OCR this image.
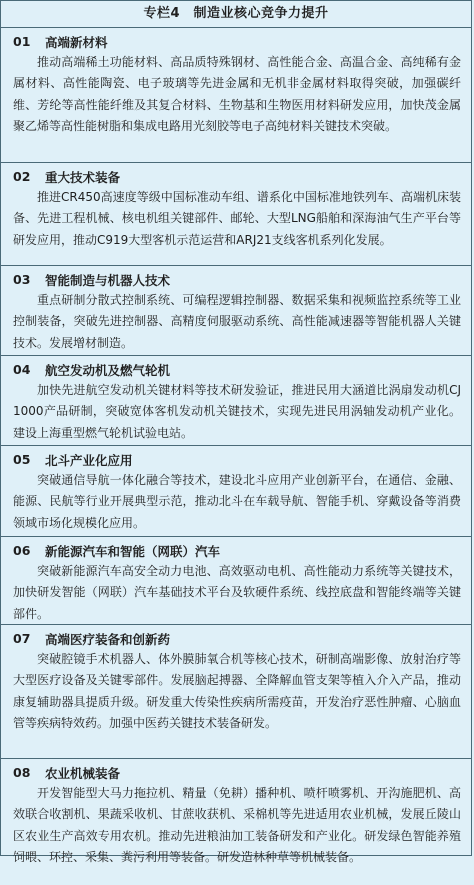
专栏4　制造业核心竞争力提升
01	高端新材料

推动高端稀土功能材料、高品质特殊钢材、高性能合金、高温合金、高纯稀有金属材料、高性能陶瓷、电子玻璃等先进金属和无机非金属材料取得突破，加强碳纤维、芳纶等高性能纤维及其复合材料、生物基和生物医用材料研发应用，加快茂金属聚乙烯等高性能树脂和集成电路用光刻胶等电子高纯材料关键技术突破。

02	重大技术装备

推进CR450高速度等级中国标准动车组、谱系化中国标准地铁列车、高端机床装备、先进工程机械、核电机组关键部件、邮轮、大型LNG船舶和深海油气生产平台等研发应用，推动C919大型客机示范运营和ARJ21支线客机系列化发展。

03	智能制造与机器人技术

重点研制分散式控制系统、可编程逻辑控制器、数据采集和视频监控系统等工业控制装备，突破先进控制器、高精度伺服驱动系统、高性能减速器等智能机器人关键技术。发展增材制造。

04	航空发动机及燃气轮机

加快先进航空发动机关键材料等技术研发验证，推进民用大涵道比涡扇发动机CJ1000产品研制，突破宽体客机发动机关键技术，实现先进民用涡轴发动机产业化。建设上海重型燃气轮机试验电站。

05	北斗产业化应用

突破通信导航一体化融合等技术，建设北斗应用产业创新平台，在通信、金融、能源、民航等行业开展典型示范，推动北斗在车载导航、智能手机、穿戴设备等消费领域市场化规模化应用。

06	新能源汽车和智能（网联）汽车

突破新能源汽车高安全动力电池、高效驱动电机、高性能动力系统等关键技术，加快研发智能（网联）汽车基础技术平台及软硬件系统、线控底盘和智能终端等关键部件。

07	高端医疗装备和创新药

突破腔镜手术机器人、体外膜肺氧合机等核心技术，研制高端影像、放射治疗等大型医疗设备及关键零部件。发展脑起搏器、全降解血管支架等植入介入产品，推动康复辅助器具提质升级。研发重大传染性疾病所需疫苗，开发治疗恶性肿瘤、心脑血管等疾病特效药。加强中医药关键技术装备研发。

08	农业机械装备

开发智能型大马力拖拉机、精量（免耕）播种机、喷杆喷雾机、开沟施肥机、高效联合收割机、果蔬采收机、甘蔗收获机、采棉机等先进适用农业机械，发展丘陵山区农业生产高效专用农机。推动先进粮油加工装备研发和产业化。研发绿色智能养殖饲喂、环控、采集、粪污利用等装备。研发造林种草等机械装备。
